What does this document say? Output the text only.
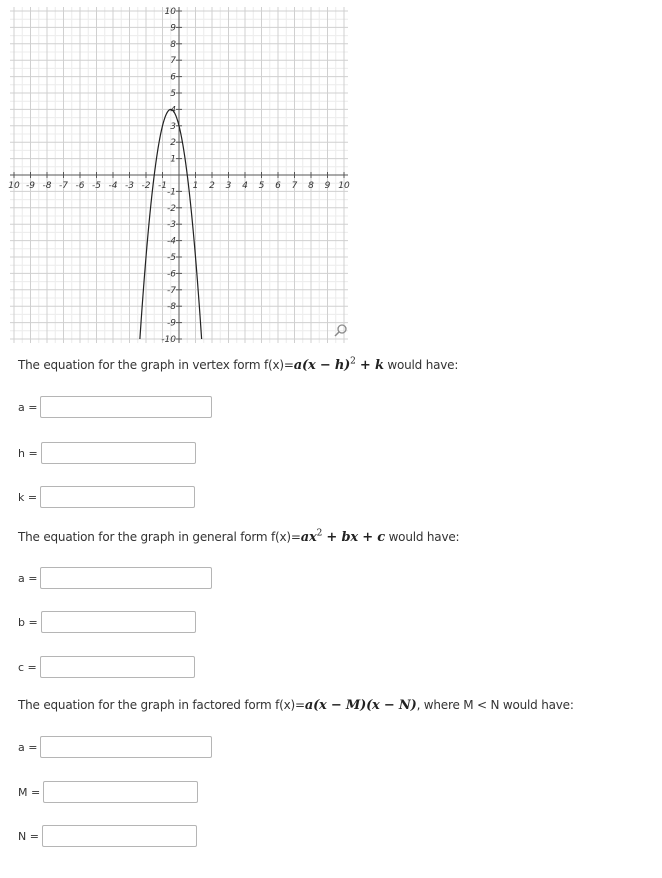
10 -9 -8 -7 -6 -5 -4 -3 -2 -1	1 2 3 4 5 6 7 8 9 10
10
9
8
7
6
5
4
3
2
1
-1
-2
-3
-4
-5
-6
-7
-8
-9
-10
The equation for the graph in vertex form $f(x)=a(x - h)^2 + k$ would have:
a =
h =
k =
The equation for the graph in general form $f(x)=ax^2$ + bx + c would have:
a =
b =
c =
The equation for the graph in factored form f(x)=a(x − M)(x − N), where M < N would have:
a =
M =
N =
